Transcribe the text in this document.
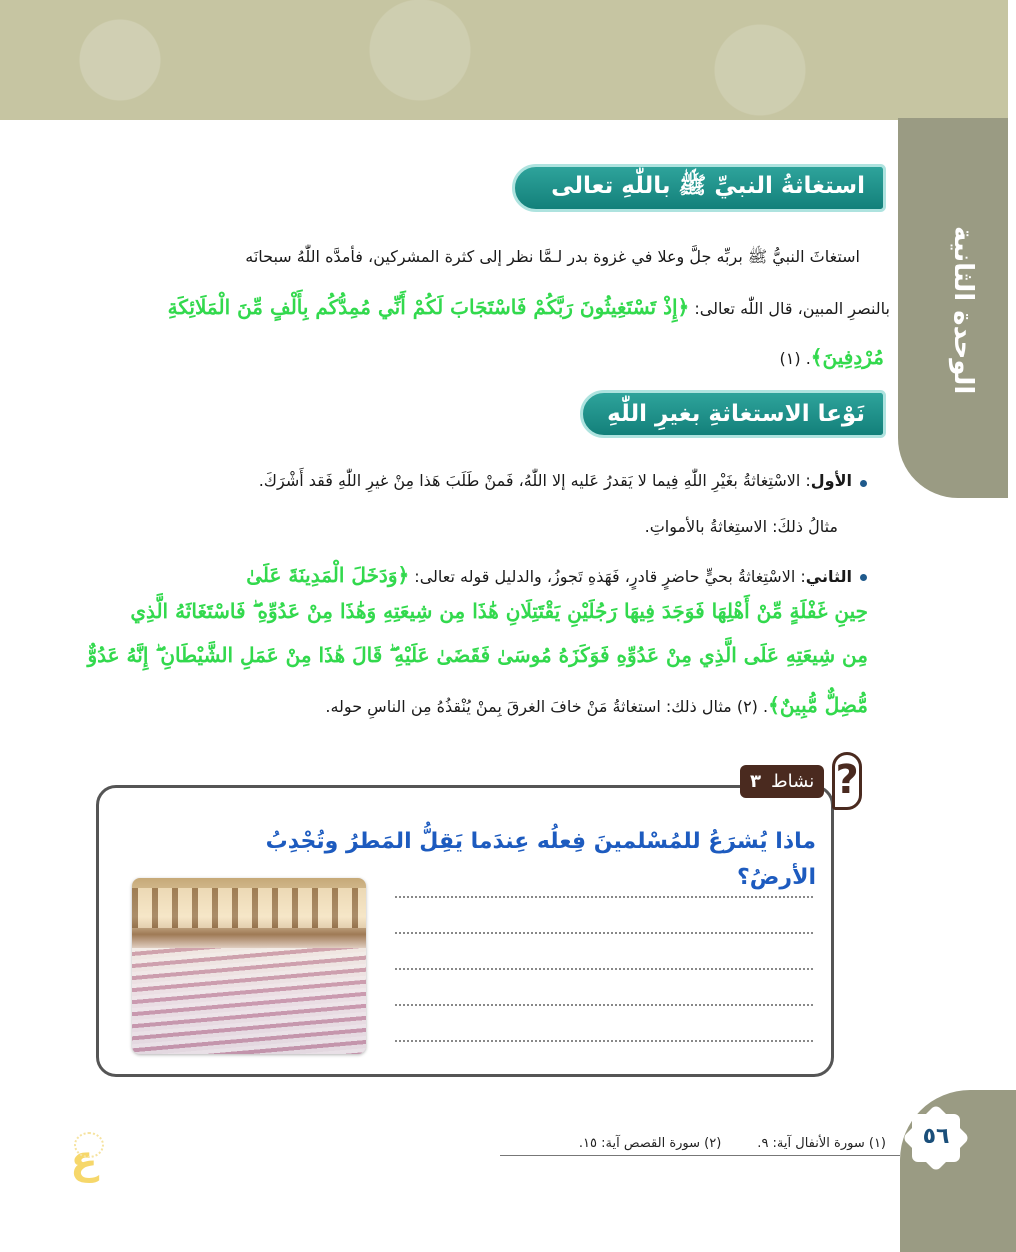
الوحدة الثانية
استغاثةُ النبيِّ ﷺ باللّٰهِ تعالى
استغاثَ النبيُّ ﷺ بربِّه جلَّ وعلا في غزوة بدر لـمَّا نظر إلى كثرة المشركين، فأمدَّه اللّٰهُ سبحانَه
بالنصرِ المبين، قال اللّٰه تعالى: ﴿إِذْ تَسْتَغِيثُونَ رَبَّكُمْ فَاسْتَجَابَ لَكُمْ أَنِّي مُمِدُّكُم بِأَلْفٍ مِّنَ الْمَلَائِكَةِ
مُرْدِفِينَ﴾. (١)
نَوْعا الاستغاثةِ بغيرِ اللّٰهِ
الأول: الاسْتِغاثةُ بغَيْرِ اللّٰهِ فِيما لا يَقدرُ عَليه إلا اللّٰهُ، فَمنْ طَلَبَ هَذا مِنْ غيرِ اللّٰهِ فَقد أَشْرَكَ.
مثالُ ذلكَ: الاستِغاثةُ بالأمواتِ.
الثاني: الاسْتِغاثةُ بحيٍّ حاضرٍ قادرٍ، فَهَذهِ تَجوزُ، والدليل قوله تعالى: ﴿وَدَخَلَ الْمَدِينَةَ عَلَىٰ
حِينِ غَفْلَةٍ مِّنْ أَهْلِهَا فَوَجَدَ فِيهَا رَجُلَيْنِ يَقْتَتِلَانِ هَٰذَا مِن شِيعَتِهِ وَهَٰذَا مِنْ عَدُوِّهِ ۖ فَاسْتَغَاثَهُ الَّذِي
مِن شِيعَتِهِ عَلَى الَّذِي مِنْ عَدُوِّهِ فَوَكَزَهُ مُوسَىٰ فَقَضَىٰ عَلَيْهِ ۖ قَالَ هَٰذَا مِنْ عَمَلِ الشَّيْطَانِ ۖ إِنَّهُ عَدُوٌّ
مُّضِلٌّ مُّبِينٌ﴾. (٢) مثال ذلك: استغاثةُ مَنْ خافَ الغرقَ بِمنْ يُنْقذُهُ مِن الناسِ حوله.
?
نشاط
٣
ماذا يُشرَعُ للمُسْلمينَ فِعلُه عِندَما يَقِلُّ المَطرُ وتُجْدِبُ الأرضُ؟
(١) سورة الأنفال آية: ٩.(٢) سورة القصص آية: ١٥.	٥٦
ع
